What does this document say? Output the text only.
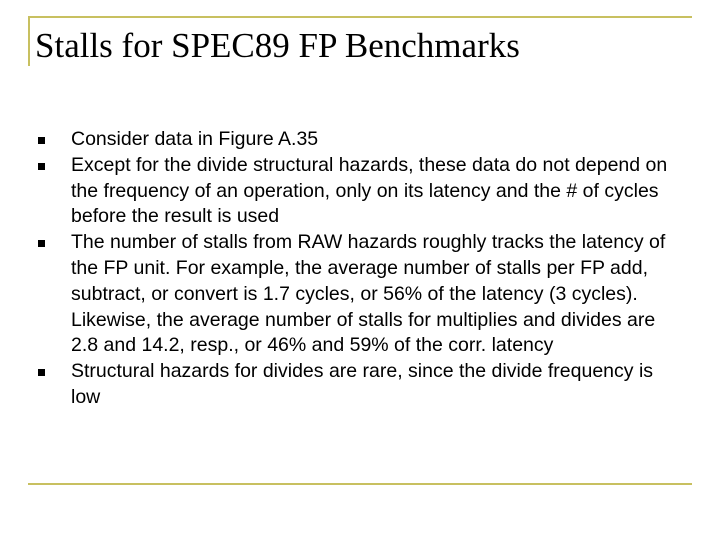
Stalls for SPEC89 FP Benchmarks
Consider data in Figure A.35
Except for the divide structural hazards, these data do not depend on the frequency of an operation, only on its latency and the # of cycles before the result is used
The number of stalls from RAW hazards roughly tracks the latency of the FP unit. For example, the average number of stalls per FP add, subtract, or convert is 1.7 cycles, or 56% of the latency (3 cycles). Likewise, the average number of stalls for multiplies and divides are 2.8 and 14.2, resp., or 46% and 59% of the corr. latency
Structural hazards for divides are rare, since the divide frequency is low
